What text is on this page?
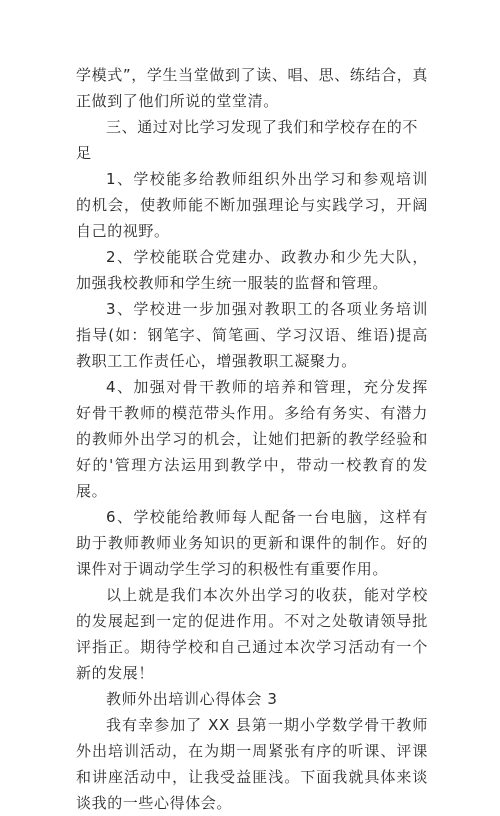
学模式”，学生当堂做到了读、唱、思、练结合，真正做到了他们所说的堂堂清。

三、通过对比学习发现了我们和学校存在的不足

1、学校能多给教师组织外出学习和参观培训的机会，使教师能不断加强理论与实践学习，开阔自己的视野。

2、学校能联合党建办、政教办和少先大队，加强我校教师和学生统一服装的监督和管理。

3、学校进一步加强对教职工的各项业务培训指导(如：钢笔字、简笔画、学习汉语、维语)提高教职工工作责任心，增强教职工凝聚力。

4、加强对骨干教师的培养和管理，充分发挥好骨干教师的模范带头作用。多给有务实、有潜力的教师外出学习的机会，让她们把新的教学经验和好的'管理方法运用到教学中，带动一校教育的发展。

6、学校能给教师每人配备一台电脑，这样有助于教师教师业务知识的更新和课件的制作。好的课件对于调动学生学习的积极性有重要作用。

以上就是我们本次外出学习的收获，能对学校的发展起到一定的促进作用。不对之处敬请领导批评指正。期待学校和自己通过本次学习活动有一个新的发展！

教师外出培训心得体会 3

我有幸参加了 XX 县第一期小学数学骨干教师外出培训活动，在为期一周紧张有序的听课、评课和讲座活动中，让我受益匪浅。下面我就具体来谈谈我的一些心得体会。
